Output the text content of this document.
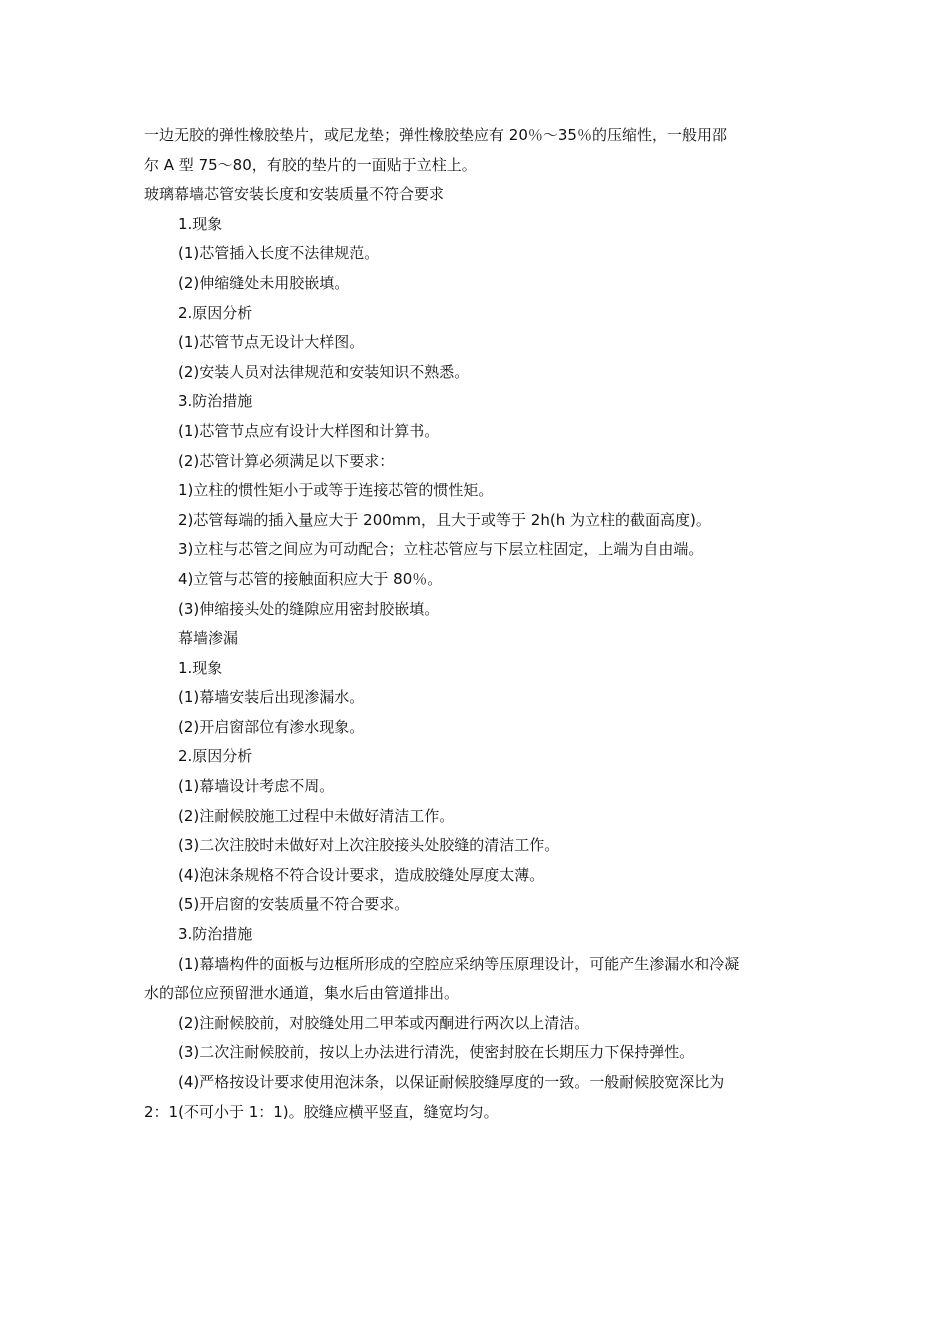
一边无胶的弹性橡胶垫片，或尼龙垫；弹性橡胶垫应有 20％～35％的压缩性，一般用邵
尔 A 型 75～80，有胶的垫片的一面贴于立柱上。
玻璃幕墙芯管安装长度和安装质量不符合要求
1.现象
(1)芯管插入长度不法律规范。
(2)伸缩缝处未用胶嵌填。
2.原因分析
(1)芯管节点无设计大样图。
(2)安装人员对法律规范和安装知识不熟悉。
3.防治措施
(1)芯管节点应有设计大样图和计算书。
(2)芯管计算必须满足以下要求：
1)立柱的惯性矩小于或等于连接芯管的惯性矩。
2)芯管每端的插入量应大于 200mm，且大于或等于 2h(h 为立柱的截面高度)。
3)立柱与芯管之间应为可动配合；立柱芯管应与下层立柱固定，上端为自由端。
4)立管与芯管的接触面积应大于 80％。
(3)伸缩接头处的缝隙应用密封胶嵌填。
幕墙渗漏
1.现象
(1)幕墙安装后出现渗漏水。
(2)开启窗部位有渗水现象。
2.原因分析
(1)幕墙设计考虑不周。
(2)注耐候胶施工过程中未做好清洁工作。
(3)二次注胶时未做好对上次注胶接头处胶缝的清洁工作。
(4)泡沫条规格不符合设计要求，造成胶缝处厚度太薄。
(5)开启窗的安装质量不符合要求。
3.防治措施
(1)幕墙构件的面板与边框所形成的空腔应采纳等压原理设计，可能产生渗漏水和冷凝
水的部位应预留泄水通道，集水后由管道排出。
(2)注耐候胶前，对胶缝处用二甲苯或丙酮进行两次以上清洁。
(3)二次注耐候胶前，按以上办法进行清洗，使密封胶在长期压力下保持弹性。
(4)严格按设计要求使用泡沫条，以保证耐候胶缝厚度的一致。一般耐候胶宽深比为
2：1(不可小于 1：1)。胶缝应横平竖直，缝宽均匀。
